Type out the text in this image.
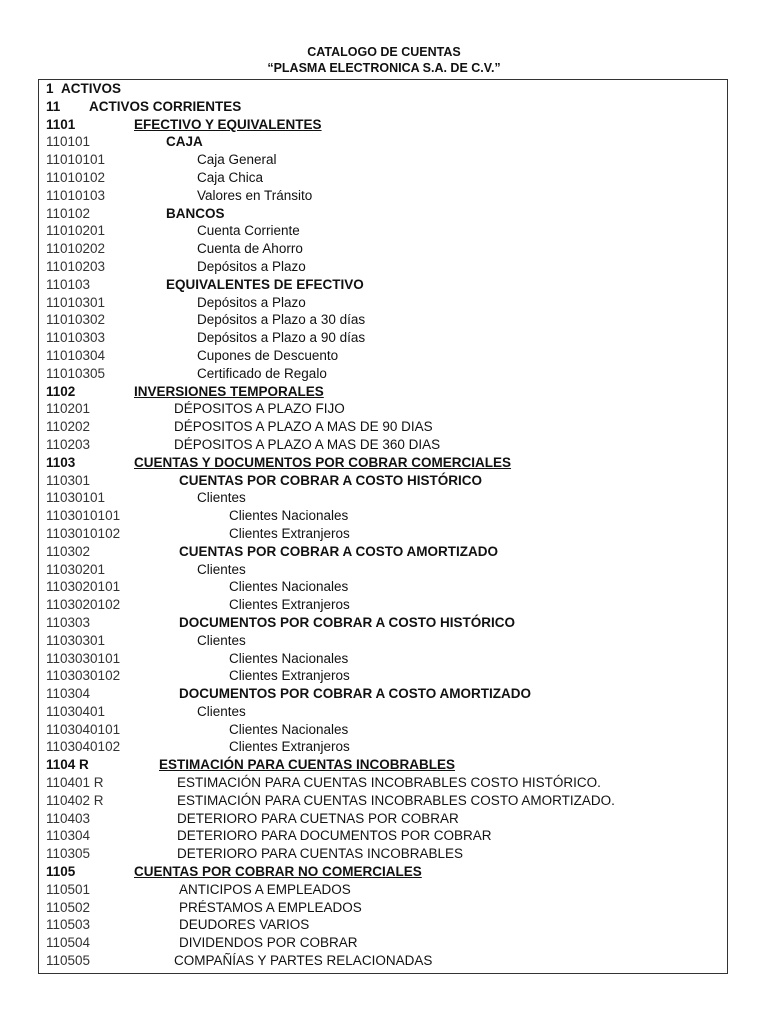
CATALOGO DE CUENTAS
“PLASMA ELECTRONICA S.A. DE C.V.”
1 ACTIVOS
11 ACTIVOS CORRIENTES
1101	EFECTIVO Y EQUIVALENTES
110101	CAJA
11010101	Caja General
11010102	Caja Chica
11010103	Valores en Tránsito
110102	BANCOS
11010201	Cuenta Corriente
11010202	Cuenta de Ahorro
11010203	Depósitos a Plazo
110103	EQUIVALENTES DE EFECTIVO
11010301	Depósitos a Plazo
11010302	Depósitos a Plazo a 30 días
11010303	Depósitos a Plazo a 90 días
11010304	Cupones de Descuento
11010305	Certificado de Regalo
1102	INVERSIONES TEMPORALES
110201	DÉPOSITOS A PLAZO FIJO
110202	DÉPOSITOS A PLAZO A MAS DE 90 DIAS
110203	DÉPOSITOS A PLAZO A MAS DE 360 DIAS
1103	CUENTAS Y DOCUMENTOS POR COBRAR COMERCIALES
110301	CUENTAS POR COBRAR A COSTO HISTÓRICO
11030101	Clientes
1103010101	Clientes Nacionales
1103010102	Clientes Extranjeros
110302	CUENTAS POR COBRAR A COSTO AMORTIZADO
11030201	Clientes
1103020101	Clientes Nacionales
1103020102	Clientes Extranjeros
110303	DOCUMENTOS POR COBRAR A COSTO HISTÓRICO
11030301	Clientes
1103030101	Clientes Nacionales
1103030102	Clientes Extranjeros
110304	DOCUMENTOS POR COBRAR A COSTO AMORTIZADO
11030401	Clientes
1103040101	Clientes Nacionales
1103040102	Clientes Extranjeros
1104 R	ESTIMACIÓN PARA CUENTAS INCOBRABLES
110401 R	ESTIMACIÓN PARA CUENTAS INCOBRABLES COSTO HISTÓRICO.
110402 R	ESTIMACIÓN PARA CUENTAS INCOBRABLES COSTO AMORTIZADO.
110403	DETERIORO PARA CUETNAS POR COBRAR
110304	DETERIORO PARA DOCUMENTOS POR COBRAR
110305	DETERIORO PARA CUENTAS INCOBRABLES
1105	CUENTAS POR COBRAR NO COMERCIALES
110501	ANTICIPOS A EMPLEADOS
110502	PRÉSTAMOS A EMPLEADOS
110503	DEUDORES VARIOS
110504	DIVIDENDOS POR COBRAR
110505	COMPAÑÍAS Y PARTES RELACIONADAS
